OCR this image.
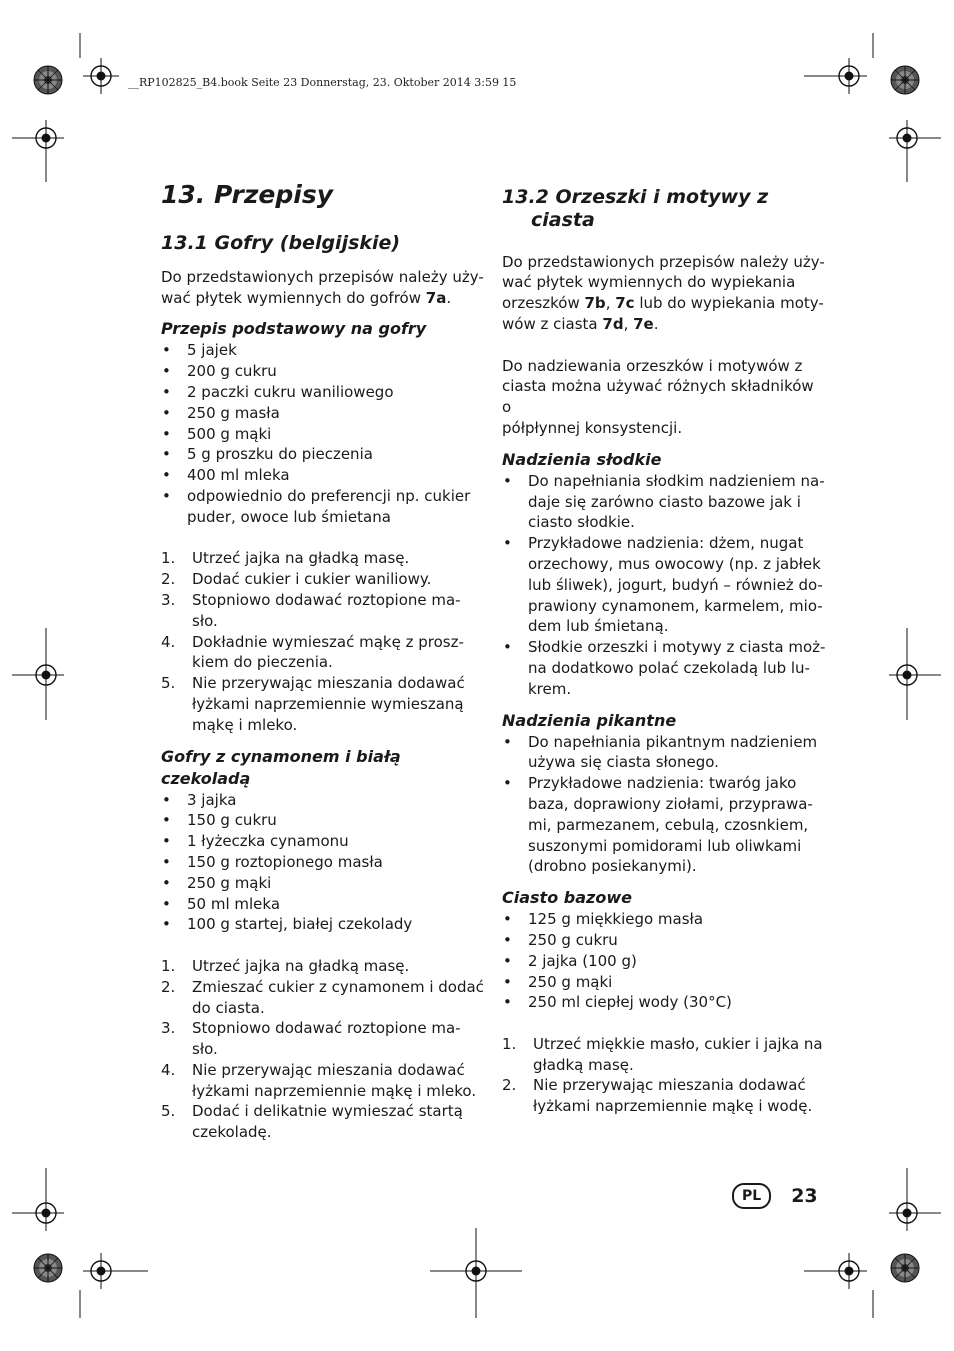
__RP102825_B4.book Seite 23 Donnerstag, 23. Oktober 2014 3:59 15
13. Przepisy
13.1 Gofry (belgijskie)

Do przedstawionych przepisów należy uży-

wać płytek wymiennych do gofrów 7a.

Przepis podstawowy na gofry
• 5 jajek
• 200 g cukru
• 2 paczki cukru waniliowego
• 250 g masła
• 500 g mąki
• 5 g proszku do pieczenia
• 400 ml mleka
• odpowiednio do preferencji np. cukier
puder, owoce lub śmietana
1. Utrzeć jajka na gładką masę.
2. Dodać cukier i cukier waniliowy.
3. Stopniowo dodawać roztopione ma-
sło.
4. Dokładnie wymieszać mąkę z prosz-
kiem do pieczenia.
5. Nie przerywając mieszania dodawać
łyżkami naprzemiennie wymieszaną
mąkę i mleko.
Gofry z cynamonem i białą
czekoladą
• 3 jajka
• 150 g cukru
• 1 łyżeczka cynamonu
• 150 g roztopionego masła
• 250 g mąki
• 50 ml mleka
• 100 g startej, białej czekolady
1. Utrzeć jajka na gładką masę.
2. Zmieszać cukier z cynamonem i dodać
do ciasta.
3. Stopniowo dodawać roztopione ma-
sło.
4. Nie przerywając mieszania dodawać
łyżkami naprzemiennie mąkę i mleko.
5. Dodać i delikatnie wymieszać startą
czekoladę.
13.2 Orzeszki i motywy z
ciasta

Do przedstawionych przepisów należy uży-

wać płytek wymiennych do wypiekania

orzeszków 7b, 7c lub do wypiekania moty-

wów z ciasta 7d, 7e.

Do nadziewania orzeszków i motywów z

ciasta można używać różnych składników o

półpłynnej konsystencji.

Nadzienia słodkie
• Do napełniania słodkim nadzieniem na-
daje się zarówno ciasto bazowe jak i
ciasto słodkie.
• Przykładowe nadzienia: dżem, nugat
orzechowy, mus owocowy (np. z jabłek
lub śliwek), jogurt, budyń – również do-
prawiony cynamonem, karmelem, mio-
dem lub śmietaną.
• Słodkie orzeszki i motywy z ciasta moż-
na dodatkowo polać czekoladą lub lu-
krem.
Nadzienia pikantne
• Do napełniania pikantnym nadzieniem
używa się ciasta słonego.
• Przykładowe nadzienia: twaróg jako
baza, doprawiony ziołami, przyprawa-
mi, parmezanem, cebulą, czosnkiem,
suszonymi pomidorami lub oliwkami
(drobno posiekanymi).
Ciasto bazowe
• 125 g miękkiego masła
• 250 g cukru
• 2 jajka (100 g)
• 250 g mąki
• 250 ml ciepłej wody (30°C)
1. Utrzeć miękkie masło, cukier i jajka na
gładką masę.
2. Nie przerywając mieszania dodawać
łyżkami naprzemiennie mąkę i wodę.
PL	23
